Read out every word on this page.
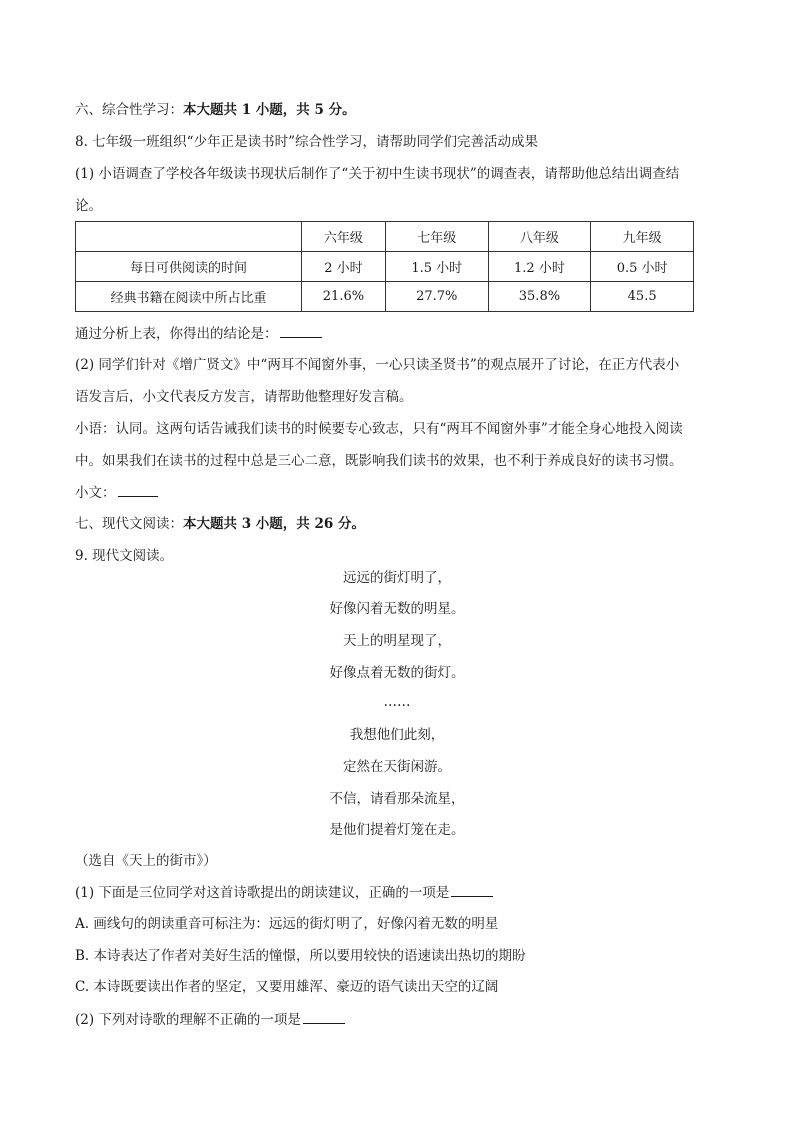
六、综合性学习：本大题共 1 小题，共 5 分。
8. 七年级一班组织“少年正是读书时”综合性学习，请帮助同学们完善活动成果
(1) 小语调查了学校各年级读书现状后制作了“关于初中生读书现状”的调查表，请帮助他总结出调查结
论。
	六年级	七年级	八年级	九年级
每日可供阅读的时间	2 小时	1.5 小时	1.2 小时	0.5 小时
经典书籍在阅读中所占比重	21.6%	27.7%	35.8%	45.5
通过分析上表，你得出的结论是：
(2) 同学们针对《增广贤文》中“两耳不闻窗外事，一心只读圣贤书”的观点展开了讨论，在正方代表小
语发言后，小文代表反方发言，请帮助他整理好发言稿。
小语：认同。这两句话告诫我们读书的时候要专心致志，只有“两耳不闻窗外事”才能全身心地投入阅读
中。如果我们在读书的过程中总是三心二意，既影响我们读书的效果，也不利于养成良好的读书习惯。
小文：
七、现代文阅读：本大题共 3 小题，共 26 分。
9. 现代文阅读。
远远的街灯明了，
好像闪着无数的明星。
天上的明星现了，
好像点着无数的街灯。
……
我想他们此刻，
定然在天街闲游。
不信，请看那朵流星，
是他们提着灯笼在走。
（选自《天上的街市》）
(1) 下面是三位同学对这首诗歌提出的朗读建议，正确的一项是
A. 画线句的朗读重音可标注为：远远的街灯明了，好像闪着无数的明星
B. 本诗表达了作者对美好生活的憧憬，所以要用较快的语速读出热切的期盼
C. 本诗既要读出作者的坚定，又要用雄浑、豪迈的语气读出天空的辽阔
(2) 下列对诗歌的理解不正确的一项是
